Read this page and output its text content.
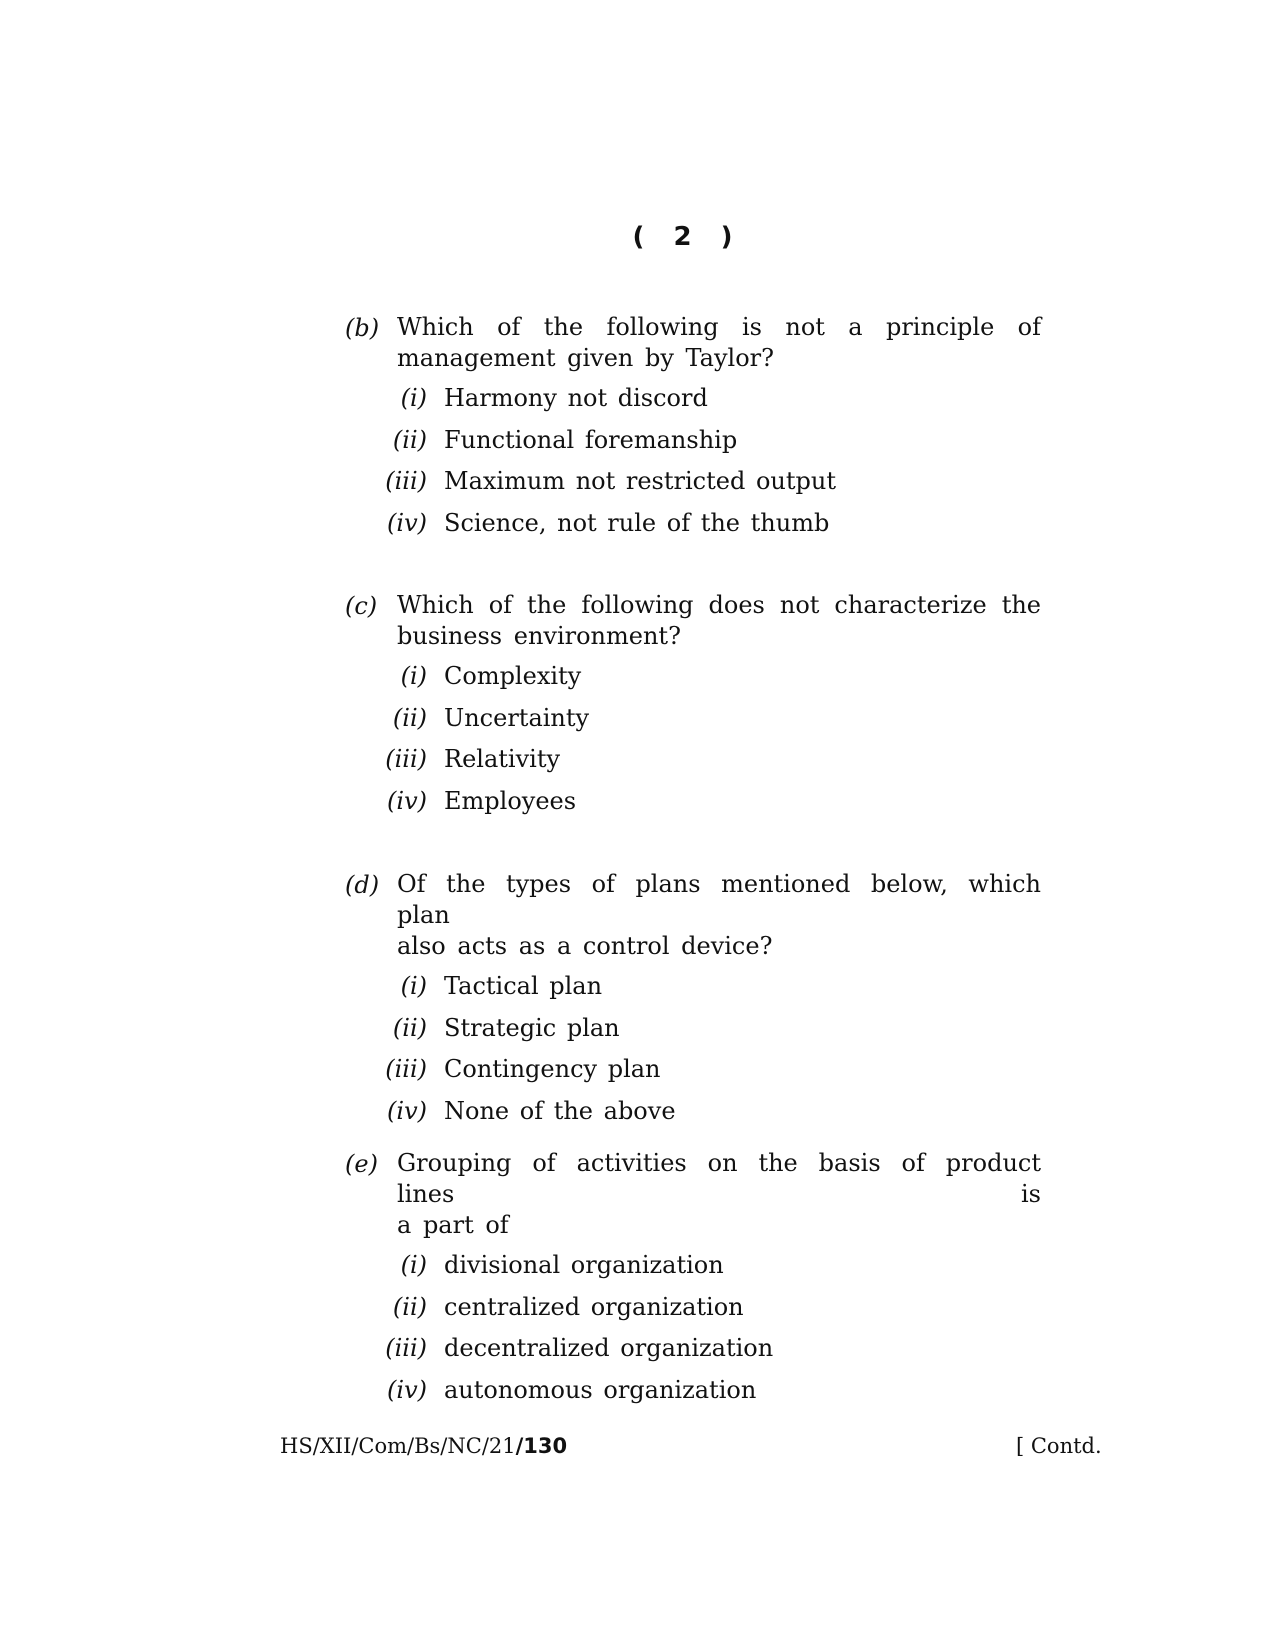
( 2 )
(b) Which of the following is not a principle of
management given by Taylor?
(i) Harmony not discord
(ii) Functional foremanship
(iii) Maximum not restricted output
(iv) Science, not rule of the thumb
(c) Which of the following does not characterize the
business environment?
(i) Complexity
(ii) Uncertainty
(iii) Relativity
(iv) Employees
(d) Of the types of plans mentioned below, which plan
also acts as a control device?
(i) Tactical plan
(ii) Strategic plan
(iii) Contingency plan
(iv) None of the above
(e) Grouping of activities on the basis of product lines is
a part of
(i) divisional organization
(ii) centralized organization
(iii) decentralized organization
(iv) autonomous organization
HS/XII/Com/Bs/NC/21/130	[ Contd.
